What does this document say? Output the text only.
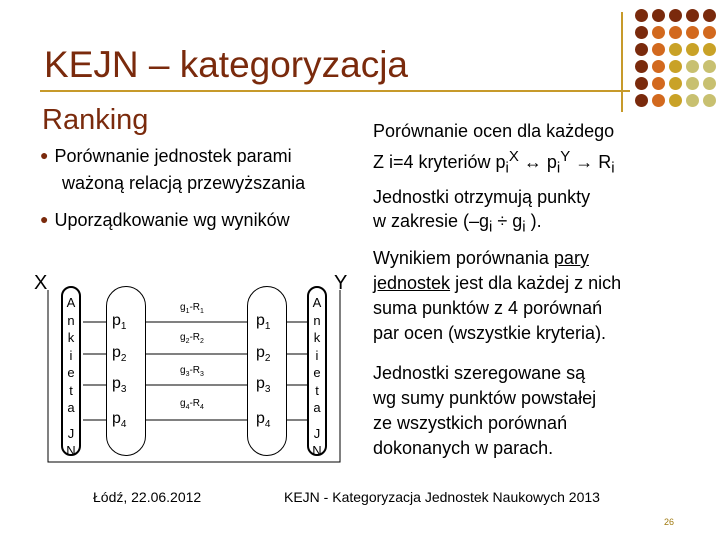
KEJN – kategoryzacja
Ranking
● Porównanie jednostek parami
ważoną relacją przewyższania
● Uporządkowanie wg wyników
Porównanie ocen dla każdego
Z i=4 kryteriów $p_i^X$ ↔ $p_i^Y \to R_i$
Jednostki otrzymują punkty
w zakresie ($-g_i \div g_i$ ).
Wynikiem porównania pary
jednostek jest dla każdej z nich
suma punktów z 4 porównań
par ocen (wszystkie kryteria).
Jednostki szeregowane są
wg sumy punktów powstałej
ze wszystkich porównań
dokonanych w parach.
X	Y
A
n
k
i
e
t
a
J
N
A
n
k
i
e
t
a
J
N
$p_1$
$p_2$
$p_3$
$p_4$
$p_1$
$p_2$
$p_3$
$p_4$
$g_1-R_1$
$g_2-R_2$
$g_3-R_3$
$g_4-R_4$
Łódź, 22.06.2012	KEJN - Kategoryzacja Jednostek Naukowych 2013
26
